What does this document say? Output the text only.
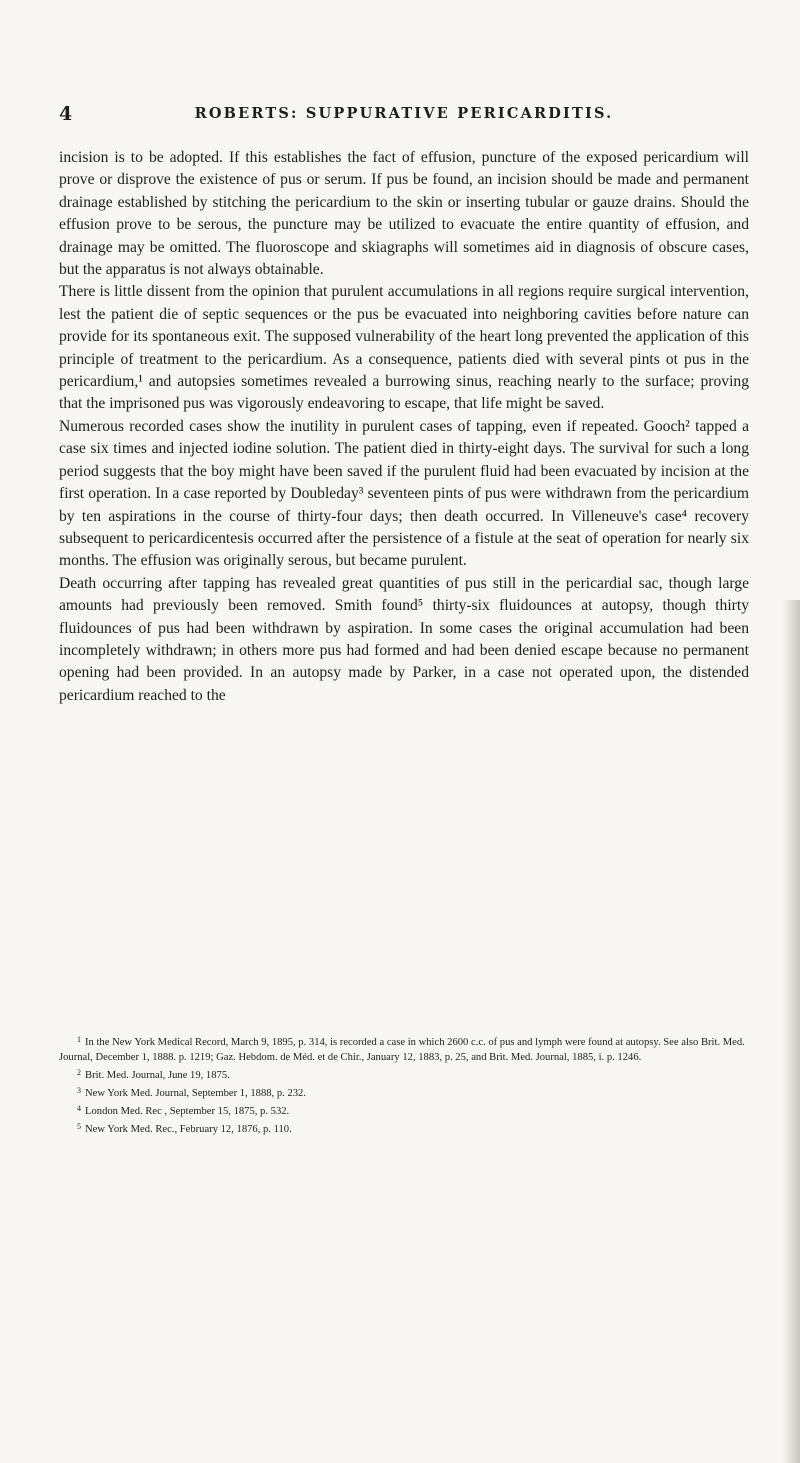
4	ROBERTS: SUPPURATIVE PERICARDITIS.

incision is to be adopted. If this establishes the fact of effusion, puncture of the exposed pericardium will prove or disprove the existence of pus or serum. If pus be found, an incision should be made and permanent drainage established by stitching the pericardium to the skin or inserting tubular or gauze drains. Should the effusion prove to be serous, the puncture may be utilized to evacuate the entire quantity of effusion, and drainage may be omitted. The fluoroscope and skiagraphs will sometimes aid in diagnosis of obscure cases, but the apparatus is not always obtainable.

There is little dissent from the opinion that purulent accumulations in all regions require surgical intervention, lest the patient die of septic sequences or the pus be evacuated into neighboring cavities before nature can provide for its spontaneous exit. The supposed vulnerability of the heart long prevented the application of this principle of treatment to the pericardium. As a consequence, patients died with several pints ot pus in the pericardium,¹ and autopsies sometimes revealed a burrowing sinus, reaching nearly to the surface; proving that the imprisoned pus was vigorously endeavoring to escape, that life might be saved.

Numerous recorded cases show the inutility in purulent cases of tapping, even if repeated. Gooch² tapped a case six times and injected iodine solution. The patient died in thirty-eight days. The survival for such a long period suggests that the boy might have been saved if the purulent fluid had been evacuated by incision at the first operation. In a case reported by Doubleday³ seventeen pints of pus were withdrawn from the pericardium by ten aspirations in the course of thirty-four days; then death occurred. In Villeneuve's case⁴ recovery subsequent to pericardicentesis occurred after the persistence of a fistule at the seat of operation for nearly six months. The effusion was originally serous, but became purulent.

Death occurring after tapping has revealed great quantities of pus still in the pericardial sac, though large amounts had previously been removed. Smith found⁵ thirty-six fluidounces at autopsy, though thirty fluidounces of pus had been withdrawn by aspiration. In some cases the original accumulation had been incompletely withdrawn; in others more pus had formed and had been denied escape because no permanent opening had been provided. In an autopsy made by Parker, in a case not operated upon, the distended pericardium reached to the

$^1$ In the New York Medical Record, March 9, 1895, p. 314, is recorded a case in which 2600 c.c. of pus and lymph were found at autopsy. See also Brit. Med. Journal, December 1, 1888. p. 1219; Gaz. Hebdom. de Méd. et de Chir., January 12, 1883, p. 25, and Brit. Med. Journal, 1885, i. p. 1246.

$^2$ Brit. Med. Journal, June 19, 1875.

$^3$ New York Med. Journal, September 1, 1888, p. 232.

$^4$ London Med. Rec , September 15, 1875, p. 532.

$^5$ New York Med. Rec., February 12, 1876, p. 110.
